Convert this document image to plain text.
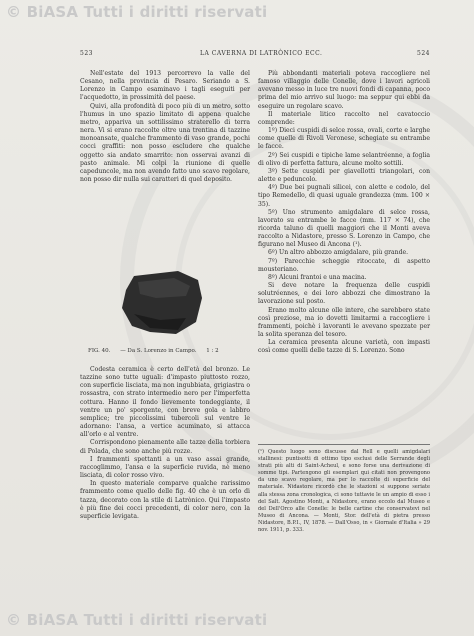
© BiASA Tutti i diritti riservati
© BiASA Tutti i diritti riservati
523	LA CAVERNA DI LATRÒNICO ECC.	524

Nell'estate del 1913 percorrevo la valle del Cesano, nella provincia di Pesaro. Seriando a S. Lorenzo in Campo esaminavo i tagli eseguiti per l'acquedotto, in prossimità del paese.

Quivi, alla profondità di poco più di un metro, sotto l'humus in uno spazio limitato di appena qualche metro, appariva un sottilissimo straterello di terra nera. Vi si erano raccolte oltre una trentina di tazzine monoansate, qualche frammento di vaso grande, pochi cocci graffiti: non posso escludere che qualche oggetto sia andato smarrito: non osservai avanzi di pasto animale. Mi colpì la riunione di quelle capeduncole, ma non avendo fatto uno scavo regolare, non posso dir nulla sui caratteri di quel deposito.

FIG. 40. — Da S. Lorenzo in Campo. 1 : 2

Codesta ceramica è certo dell'età del bronzo. Le tazzine sono tutte uguali: d'impasto piuttosto rozzo, con superficie lisciata, ma non ingubbiata, grigiastra o rossastra, con strato intermedio nero per l'imperfetta cottura. Hanno il fondo lievemente tondeggiante, il ventre un po' sporgente, con breve gola e labbro semplice; tre piccolissimi tubercoli sul ventre le adornano: l'ansa, a vertice acuminato, si attacca all'orlo e al ventre.

Corrispondono pienamente alle tazze della torbiera di Polada, che sono anche più rozze.

I frammenti spettanti a un vaso assai grande, raccoglimmo, l'ansa e la superficie ruvida, nè meno lisciata, di color rosso vivo.

In questo materiale comparve qualche rarissimo frammento come quello delle fig. 40 che è un orlo di tazza, decorato con la stile di Latrònico. Qui l'impasto è più fine dei cocci precedenti, di color nero, con la superficie levigata.

Più abbondanti materiali poteva raccogliere nel famoso villaggio delle Conelle, dove i lavori agricoli avevano messo in luce tre nuovi fondi di capanna, poco prima del mio arrivo sul luogo: ma seppur qui ebbi da eseguire un regolare scavo.

Il materiale litico raccolto nel cavatoccio comprende:

1º) Dieci cuspidi di selce rossa, ovali, corte e larghe come quelle di Rivoli Veronese, schegiate su entrambe le facce.

2º) Sei cuspidi e tipiche lame selantréenne, a foglia di olivo di perfetta fattura, alcune molto sottili.

3º) Sette cuspidi per giavellotti triangolari, con alette e peduncolo.

4º) Due bei pugnali silicei, con alette e codolo, del tipo Remedello, di quasi uguale grandezza (mm. 100 × 35).

5º) Uno strumento amigdalare di selce rossa, lavorato su entrambe le facce (mm. 117 × 74), che ricorda taluno di quelli maggiori che il Monti aveva raccolto a Nidastore, presso S. Lorenzo in Campo, che figurano nel Museo di Ancona (¹).

6º) Un altro abbozzo amigdalare, più grande.

7º) Parecchie scheggie ritoccate, di aspetto mousteriano.

8º) Alcuni frantoi e una macina.

Si deve notare la frequenza delle cuspidi solutréennes, e dei loro abbozzi che dimostrano la lavorazione sul posto.

Erano molto alcune olle intere, che sarebbero state così preziose, ma io dovetti limitarmi a raccogliere i frammenti, poichè i lavoranti le avevano spezzate per la solita speranza del tesoro.

La ceramica presenta alcune varietà, con impasti così come quelli delle tazze di S. Lorenzo. Sono

(¹) Questo luogo sono discusse dal Rell e quelli amigdalari stallinesi: puntisotti di ottimo tipo esclusi delle Serrande degli strati più alti di Saint-Acheul, e sono forse una derivazione di somme tipi. Partengono gli esemplari qui citati non provengono da uno scavo regolare, ma per lo raccolte di superficie del materiale. Nidastore ricordò che le stazioni si suppone seriate alla stessa zona cronologica, ci sono tuttavie le un ampio di esso i del Salt. Agostino Monti, a Nidastore, erano eccolo dal Museo e del Dell'Orco alle Conelle: le belle cartine che conservatevi nel Museo di Ancona. — Monti, Stor. dell'età di pietra presso Nidastore, B.P.I., IV, 1878. — Dall'Osso, in « Giornale d'Italia » 29 nov. 1911, p. 333.
